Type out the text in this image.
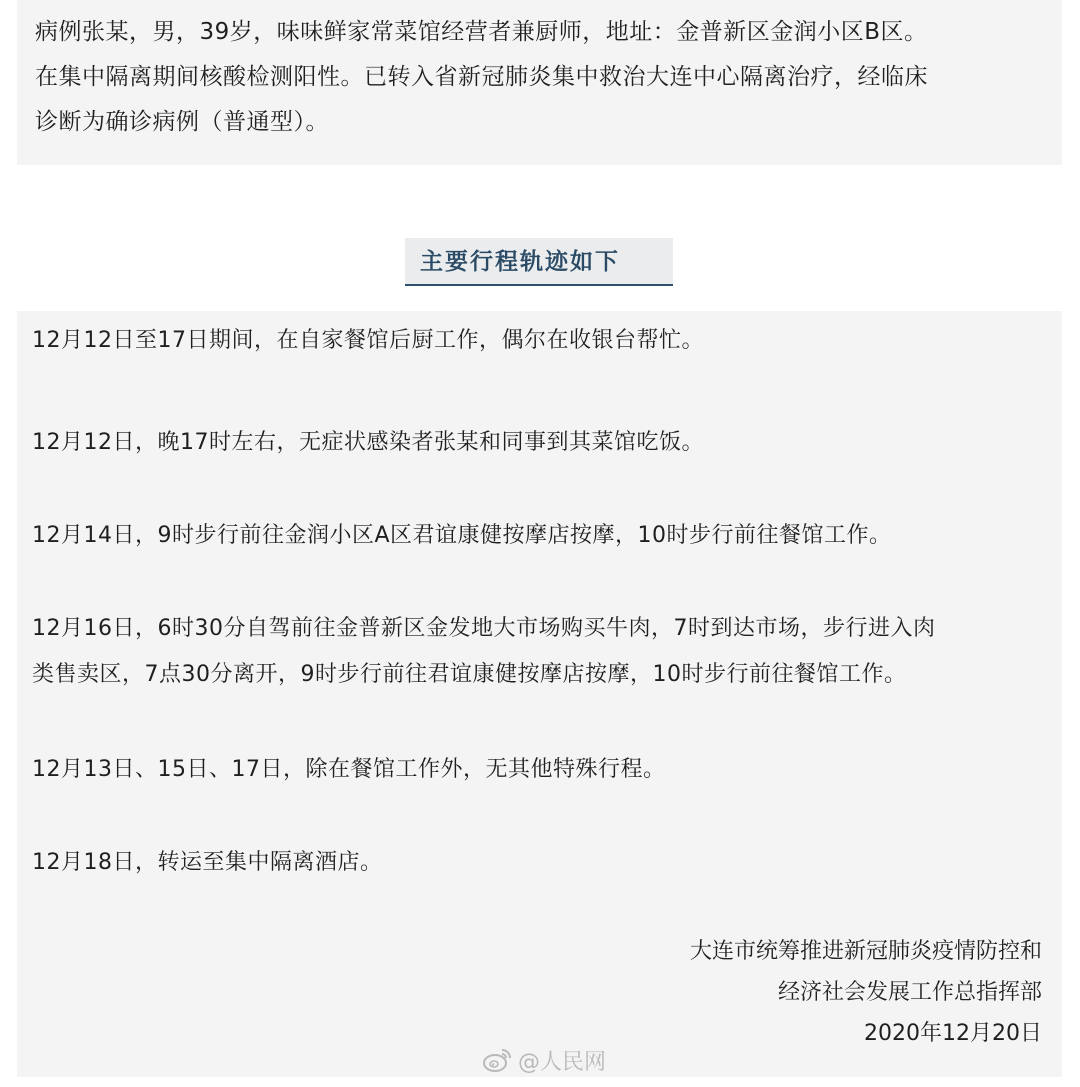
病例张某，男，39岁，味味鲜家常菜馆经营者兼厨师，地址：金普新区金润小区B区。

在集中隔离期间核酸检测阳性。已转入省新冠肺炎集中救治大连中心隔离治疗，经临床

诊断为确诊病例（普通型）。

主要行程轨迹如下

12月12日至17日期间，在自家餐馆后厨工作，偶尔在收银台帮忙。

12月12日，晚17时左右，无症状感染者张某和同事到其菜馆吃饭。

12月14日，9时步行前往金润小区A区君谊康健按摩店按摩，10时步行前往餐馆工作。

12月16日，6时30分自驾前往金普新区金发地大市场购买牛肉，7时到达市场，步行进入肉

类售卖区，7点30分离开，9时步行前往君谊康健按摩店按摩，10时步行前往餐馆工作。

12月13日、15日、17日，除在餐馆工作外，无其他特殊行程。

12月18日，转运至集中隔离酒店。

大连市统筹推进新冠肺炎疫情防控和
经济社会发展工作总指挥部
2020年12月20日
@人民网
